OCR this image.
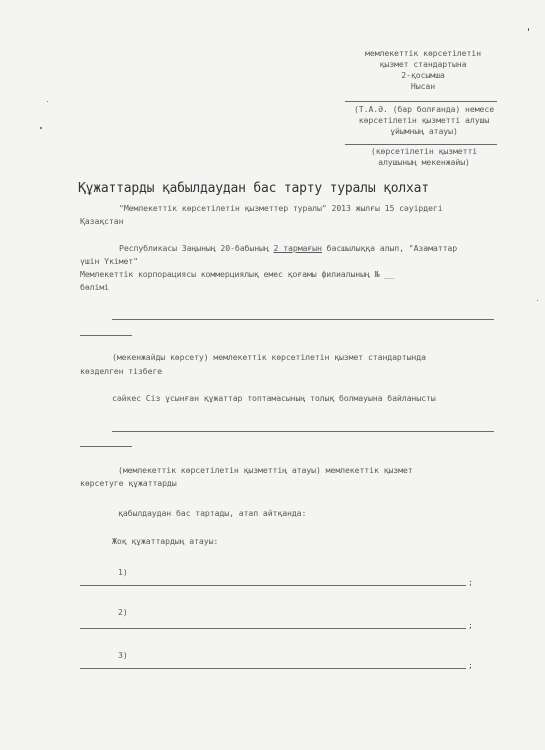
мемлекеттік көрсетілетін
қызмет стандартына
2-қосымша
Нысан
(Т.А.Ә. (бар болғанда) немесе
көрсетілетін қызметті алушы
ұйымның атауы)
(көрсетілетін қызметті
алушының мекенжайы)
Құжаттарды қабылдаудан бас тарту туралы қолхат
"Мемлекеттік көрсетілетін қызметтер туралы" 2013 жылғы 15 сәуірдегі
Қазақстан
Республикасы Заңының 20-бабының 2 тармағын басшылыққа алып, "Азаматтар
үшін Үкімет"
Мемлекеттік корпорациясы коммерциялық емес қоғамы филиалының № __
бөлімі
(мекенжайды көрсету) мемлекеттік көрсетілетін қызмет стандартында
көзделген тізбеге
сәйкес Сіз ұсынған құжаттар топтамасының толық болмауына байланысты
(мемлекеттік көрсетілетін қызметтің атауы) мемлекеттік қызмет
көрсетуге құжаттарды
қабылдаудан бас тартады, атап айтқанда:
Жоқ құжаттардың атауы:
1)
;
2)
;
3)
;
